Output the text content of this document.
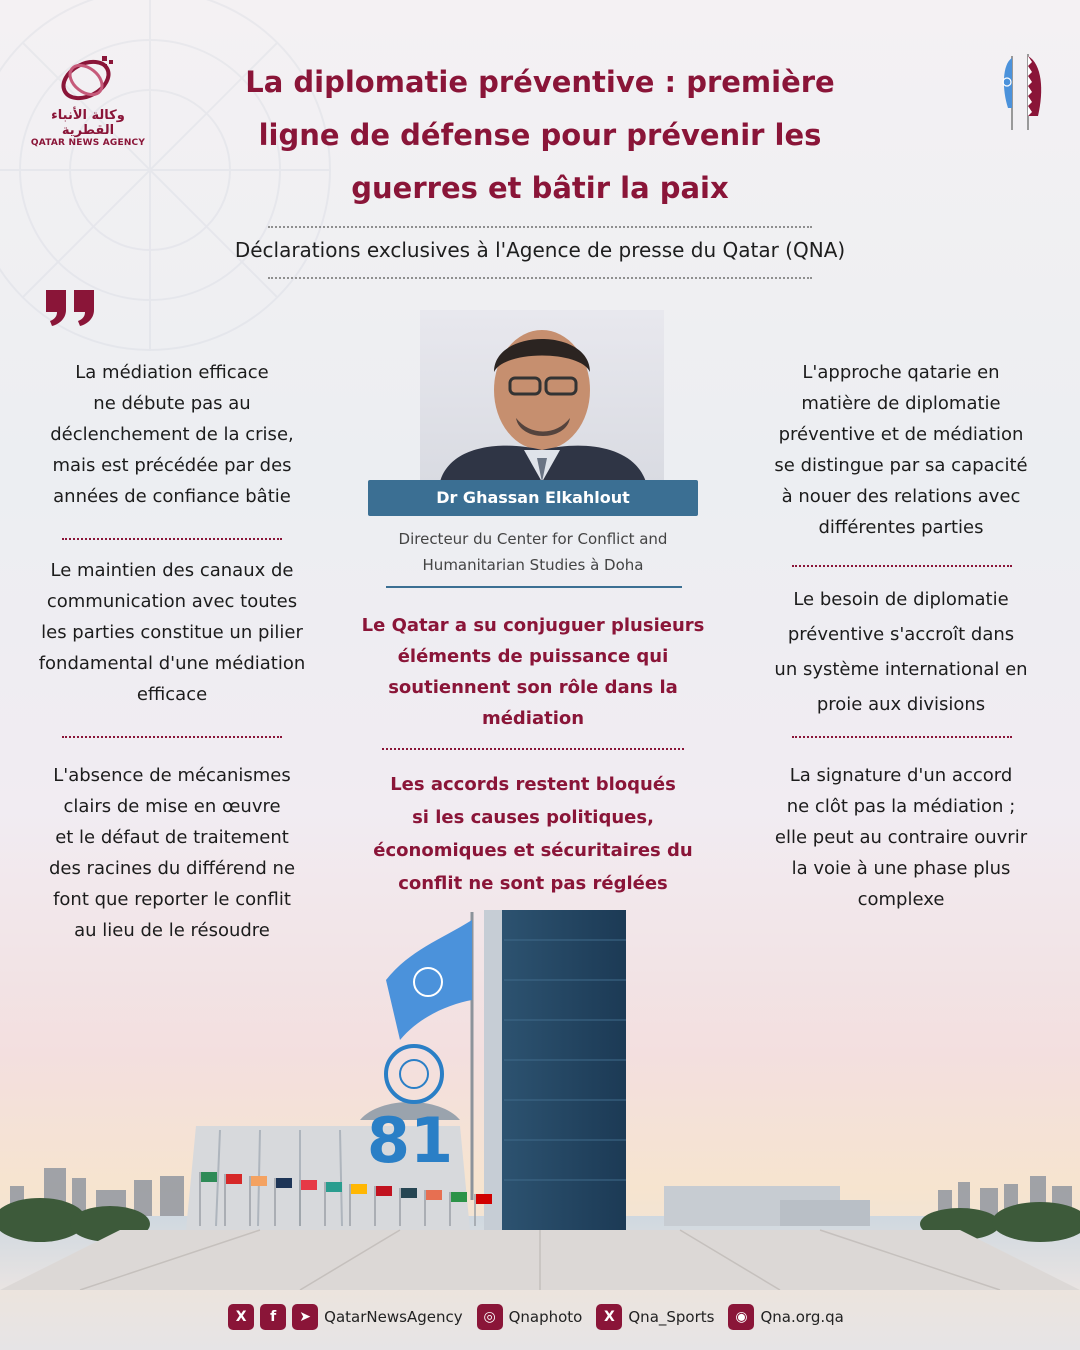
وكالة الأنباء القطرية
QATAR NEWS AGENCY
La diplomatie préventive : première
ligne de défense pour prévenir les
guerres et bâtir la paix
Déclarations exclusives à l'Agence de presse du Qatar (QNA)
La médiation efficace
ne débute pas au
déclenchement de la crise,
mais est précédée par des
années de confiance bâtie
Le maintien des canaux de
communication avec toutes
les parties constitue un pilier
fondamental d'une médiation
efficace
L'absence de mécanismes
clairs de mise en œuvre
et le défaut de traitement
des racines du différend ne
font que reporter le conflit
au lieu de le résoudre
Dr Ghassan Elkahlout
Directeur du Center for Conflict and
Humanitarian Studies à Doha
Le Qatar a su conjuguer plusieurs
éléments de puissance qui
soutiennent son rôle dans la
médiation
Les accords restent bloqués
si les causes politiques,
économiques et sécuritaires du
conflit ne sont pas réglées
L'approche qatarie en
matière de diplomatie
préventive et de médiation
se distingue par sa capacité
à nouer des relations avec
différentes parties
Le besoin de diplomatie
préventive s'accroît dans
un système international en
proie aux divisions
La signature d'un accord
ne clôt pas la médiation ;
elle peut au contraire ouvrir
la voie à une phase plus
complexe
81
X	f	➤ QatarNewsAgency	◎ Qnaphoto	X Qna_Sports	◉ Qna.org.qa
